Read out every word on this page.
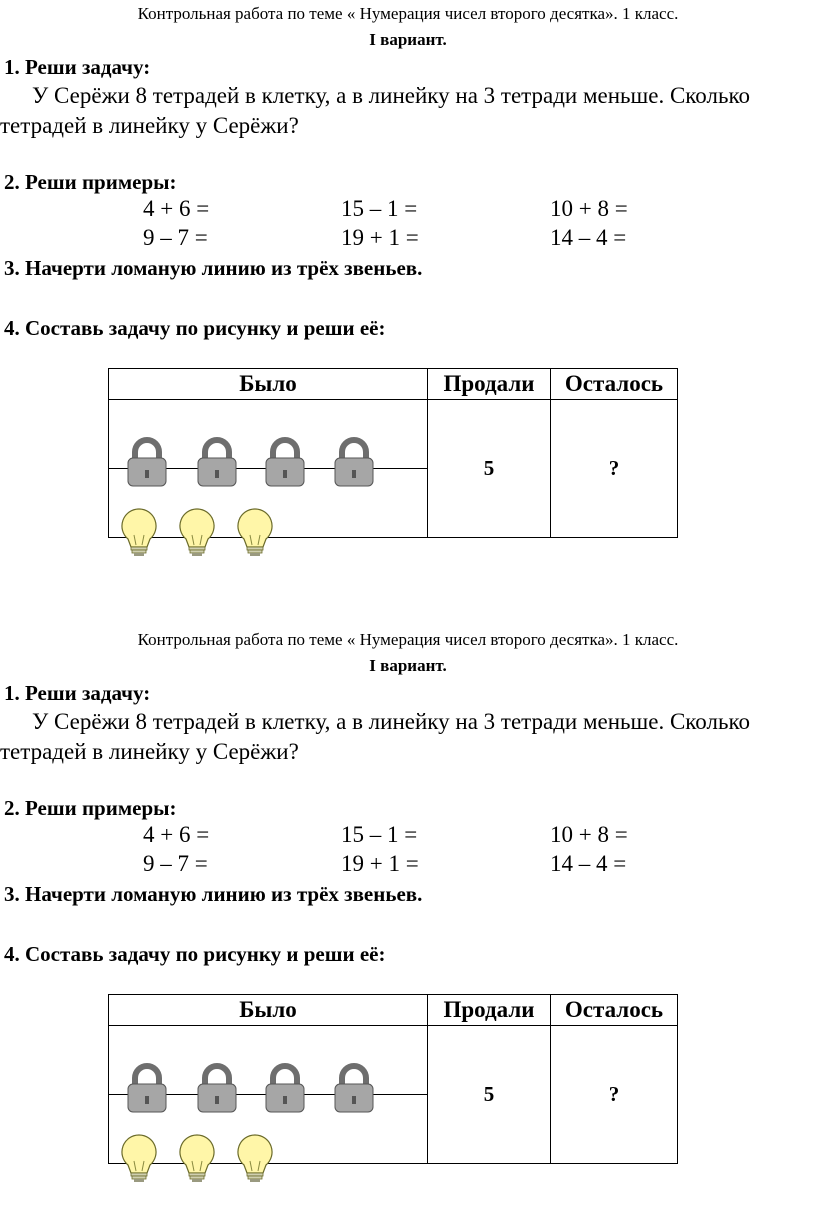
Контрольная работа по теме « Нумерация чисел второго десятка». 1 класс.
I вариант.
1. Реши задачу:
У Серёжи 8 тетрадей в клетку, а в линейку на 3 тетради меньше. Сколько
тетрадей в линейку у Серёжи?
2. Реши примеры:
4 + 6 =	15 – 1 =	10 + 8 =
9 – 7 =	19 + 1 =	14 – 4 =
3. Начерти ломаную линию из трёх звеньев.
4. Составь задачу по рисунку и реши её:
Было	Продали	Осталось

	5	?

Контрольная работа по теме « Нумерация чисел второго десятка». 1 класс.
I вариант.
1. Реши задачу:
У Серёжи 8 тетрадей в клетку, а в линейку на 3 тетради меньше. Сколько
тетрадей в линейку у Серёжи?
2. Реши примеры:
4 + 6 =	15 – 1 =	10 + 8 =
9 – 7 =	19 + 1 =	14 – 4 =
3. Начерти ломаную линию из трёх звеньев.
4. Составь задачу по рисунку и реши её:
Было	Продали	Осталось

	5	?
